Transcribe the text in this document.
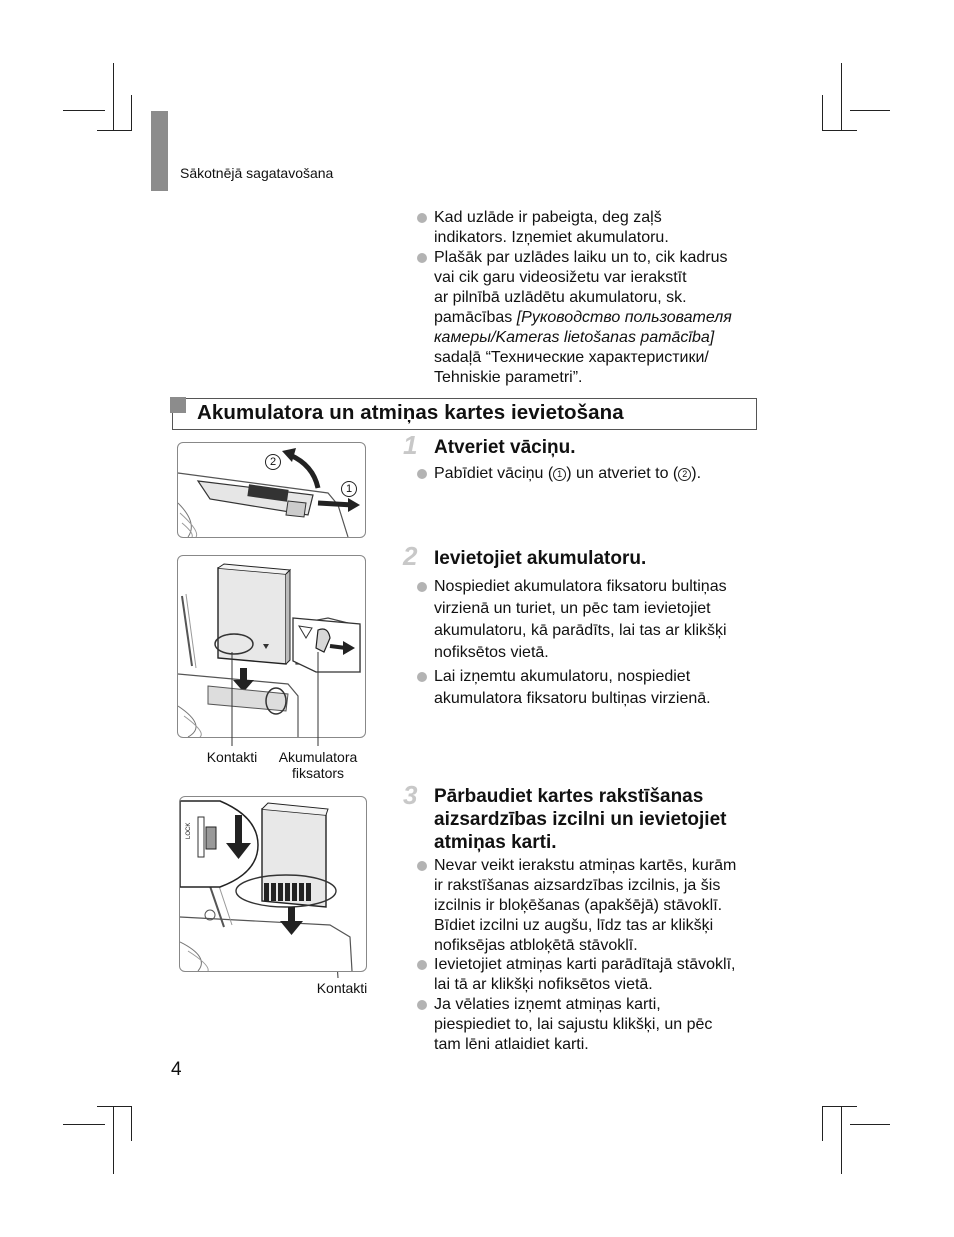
Sākotnējā sagatavošana
Kad uzlāde ir pabeigta, deg zaļš
indikators. Izņemiet akumulatoru.
Plašāk par uzlādes laiku un to, cik kadrus
vai cik garu videosižetu var ierakstīt
ar pilnībā uzlādētu akumulatoru, sk.
pamācības [Руководство пользователя
камеры/Kameras lietošanas pamācība]
sadaļā “Технические характеристики/
Tehniskie parametri”.
Akumulatora un atmiņas kartes ievietošana
1 Atveriet vāciņu.
Pabīdiet vāciņu ( 1 ) un atveriet to ( 2 ).
2 Ievietojiet akumulatoru.
Nospiediet akumulatora fiksatoru bultiņas
virzienā un turiet, un pēc tam ievietojiet
akumulatoru, kā parādīts, lai tas ar klikšķi
nofiksētos vietā.
Lai izņemtu akumulatoru, nospiediet
akumulatora fiksatoru bultiņas virzienā.
3 Pārbaudiet kartes rakstīšanas
aizsardzības izcilni un ievietojiet
atmiņas karti.
Nevar veikt ierakstu atmiņas kartēs, kurām
ir rakstīšanas aizsardzības izcilnis, ja šis
izcilnis ir bloķēšanas (apakšējā) stāvoklī.
Bīdiet izcilni uz augšu, līdz tas ar klikšķi
nofiksējas atbloķētā stāvoklī.
Ievietojiet atmiņas karti parādītajā stāvoklī,
lai tā ar klikšķi nofiksētos vietā.
Ja vēlaties izņemt atmiņas karti,
piespiediet to, lai sajustu klikšķi, un pēc
tam lēni atlaidiet karti.
2
1
Kontakti	Akumulatora
fiksators
LOCK
Kontakti
4
